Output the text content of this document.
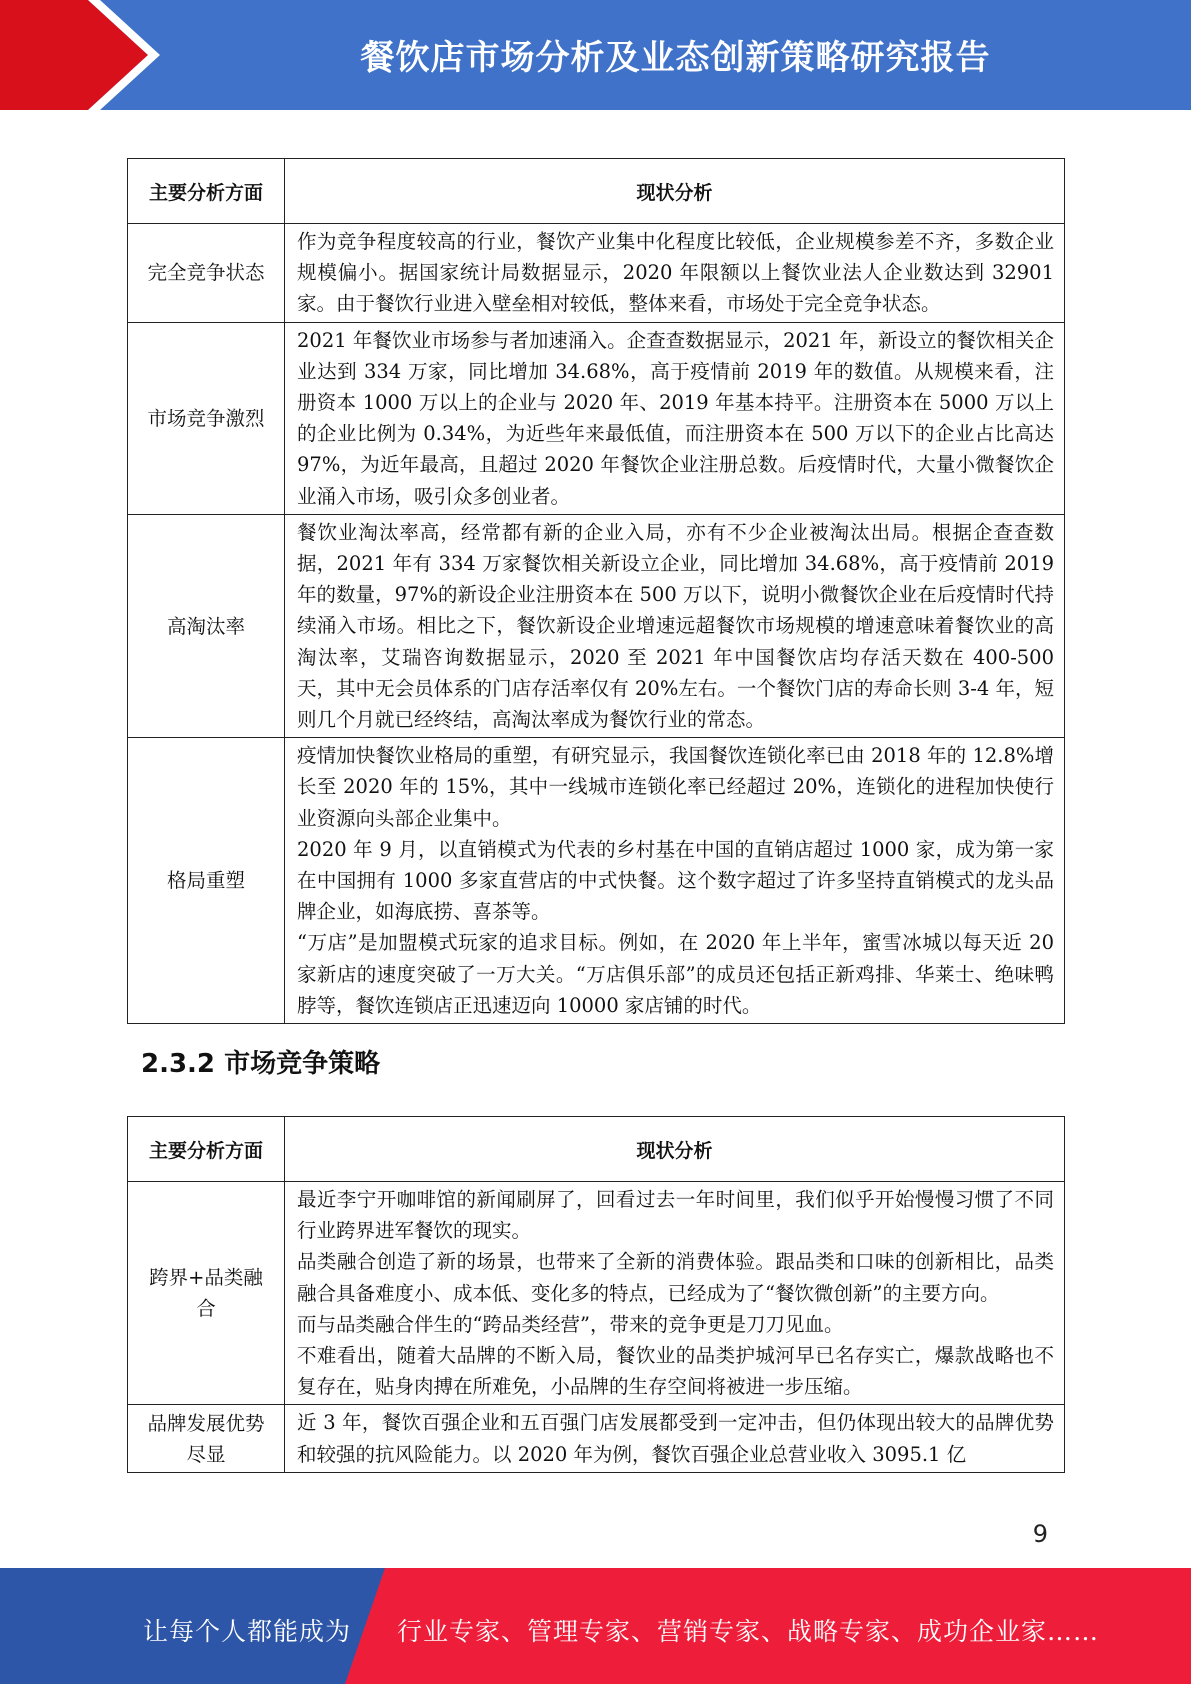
餐饮店市场分析及业态创新策略研究报告
主要分析方面	现状分析
完全竞争状态	作为竞争程度较高的行业，餐饮产业集中化程度比较低，企业规模参差不齐，多数企业规模偏小。据国家统计局数据显示，2020 年限额以上餐饮业法人企业数达到 32901 家。由于餐饮行业进入壁垒相对较低，整体来看，市场处于完全竞争状态。

市场竞争激烈	2021 年餐饮业市场参与者加速涌入。企查查数据显示，2021 年，新设立的餐饮相关企业达到 334 万家，同比增加 34.68%，高于疫情前 2019 年的数值。从规模来看，注册资本 1000 万以上的企业与 2020 年、2019 年基本持平。注册资本在 5000 万以上的企业比例为 0.34%，为近些年来最低值，而注册资本在 500 万以下的企业占比高达 97%，为近年最高，且超过 2020 年餐饮企业注册总数。后疫情时代，大量小微餐饮企业涌入市场，吸引众多创业者。

高淘汰率	餐饮业淘汰率高，经常都有新的企业入局，亦有不少企业被淘汰出局。根据企查查数据，2021 年有 334 万家餐饮相关新设立企业，同比增加 34.68%，高于疫情前 2019 年的数量，97%的新设企业注册资本在 500 万以下，说明小微餐饮企业在后疫情时代持续涌入市场。相比之下，餐饮新设企业增速远超餐饮市场规模的增速意味着餐饮业的高淘汰率，艾瑞咨询数据显示，2020 至 2021 年中国餐饮店均存活天数在 400-500 天，其中无会员体系的门店存活率仅有 20%左右。一个餐饮门店的寿命长则 3-4 年，短则几个月就已经终结，高淘汰率成为餐饮行业的常态。

格局重塑	疫情加快餐饮业格局的重塑，有研究显示，我国餐饮连锁化率已由 2018 年的 12.8%增长至 2020 年的 15%，其中一线城市连锁化率已经超过 20%，连锁化的进程加快使行业资源向头部企业集中。

2020 年 9 月，以直销模式为代表的乡村基在中国的直销店超过 1000 家，成为第一家在中国拥有 1000 多家直营店的中式快餐。这个数字超过了许多坚持直销模式的龙头品牌企业，如海底捞、喜茶等。

“万店”是加盟模式玩家的追求目标。例如，在 2020 年上半年，蜜雪冰城以每天近 20 家新店的速度突破了一万大关。“万店俱乐部”的成员还包括正新鸡排、华莱士、绝味鸭脖等，餐饮连锁店正迅速迈向 10000 家店铺的时代。

2.3.2 市场竞争策略
主要分析方面	现状分析
跨界+品类融合	最近李宁开咖啡馆的新闻刷屏了，回看过去一年时间里，我们似乎开始慢慢习惯了不同行业跨界进军餐饮的现实。

品类融合创造了新的场景，也带来了全新的消费体验。跟品类和口味的创新相比，品类融合具备难度小、成本低、变化多的特点，已经成为了“餐饮微创新”的主要方向。

而与品类融合伴生的“跨品类经营”，带来的竞争更是刀刀见血。

不难看出，随着大品牌的不断入局，餐饮业的品类护城河早已名存实亡，爆款战略也不复存在，贴身肉搏在所难免，小品牌的生存空间将被进一步压缩。

品牌发展优势尽显	近 3 年，餐饮百强企业和五百强门店发展都受到一定冲击，但仍体现出较大的品牌优势和较强的抗风险能力。以 2020 年为例，餐饮百强企业总营业收入 3095.1 亿

9
让每个人都能成为 行业专家、管理专家、营销专家、战略专家、成功企业家……
